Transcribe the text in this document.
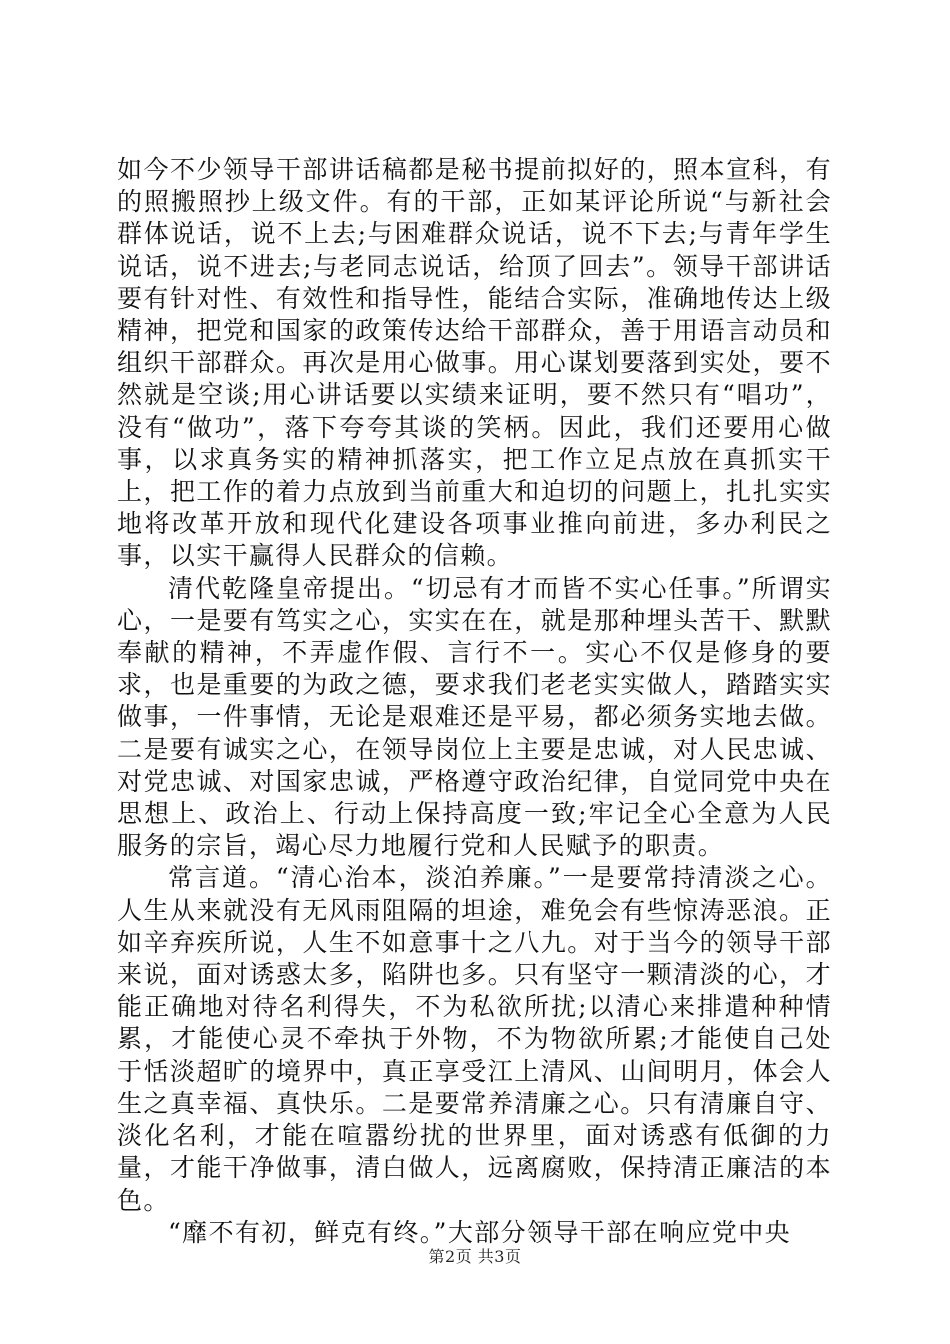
如今不少领导干部讲话稿都是秘书提前拟好的，照本宣科，有的照搬照抄上级文件。有的干部，正如某评论所说“与新社会群体说话，说不上去;与困难群众说话，说不下去;与青年学生说话，说不进去;与老同志说话，给顶了回去”。领导干部讲话要有针对性、有效性和指导性，能结合实际，准确地传达上级精神，把党和国家的政策传达给干部群众，善于用语言动员和组织干部群众。再次是用心做事。用心谋划要落到实处，要不然就是空谈;用心讲话要以实绩来证明，要不然只有“唱功”，没有“做功”，落下夸夸其谈的笑柄。因此，我们还要用心做事，以求真务实的精神抓落实，把工作立足点放在真抓实干上，把工作的着力点放到当前重大和迫切的问题上，扎扎实实地将改革开放和现代化建设各项事业推向前进，多办利民之事，以实干赢得人民群众的信赖。

清代乾隆皇帝提出。“切忌有才而皆不实心任事。”所谓实心，一是要有笃实之心，实实在在，就是那种埋头苦干、默默奉献的精神，不弄虚作假、言行不一。实心不仅是修身的要求，也是重要的为政之德，要求我们老老实实做人，踏踏实实做事，一件事情，无论是艰难还是平易，都必须务实地去做。二是要有诚实之心，在领导岗位上主要是忠诚，对人民忠诚、对党忠诚、对国家忠诚，严格遵守政治纪律，自觉同党中央在思想上、政治上、行动上保持高度一致;牢记全心全意为人民服务的宗旨，竭心尽力地履行党和人民赋予的职责。

常言道。“清心治本，淡泊养廉。”一是要常持清淡之心。人生从来就没有无风雨阻隔的坦途，难免会有些惊涛恶浪。正如辛弃疾所说，人生不如意事十之八九。对于当今的领导干部来说，面对诱惑太多，陷阱也多。只有坚守一颗清淡的心，才能正确地对待名利得失，不为私欲所扰;以清心来排遣种种情累，才能使心灵不牵执于外物，不为物欲所累;才能使自己处于恬淡超旷的境界中，真正享受江上清风、山间明月，体会人生之真幸福、真快乐。二是要常养清廉之心。只有清廉自守、淡化名利，才能在喧嚣纷扰的世界里，面对诱惑有低御的力量，才能干净做事，清白做人，远离腐败，保持清正廉洁的本色。

“靡不有初，鲜克有终。”大部分领导干部在响应党中央

第2页 共3页
